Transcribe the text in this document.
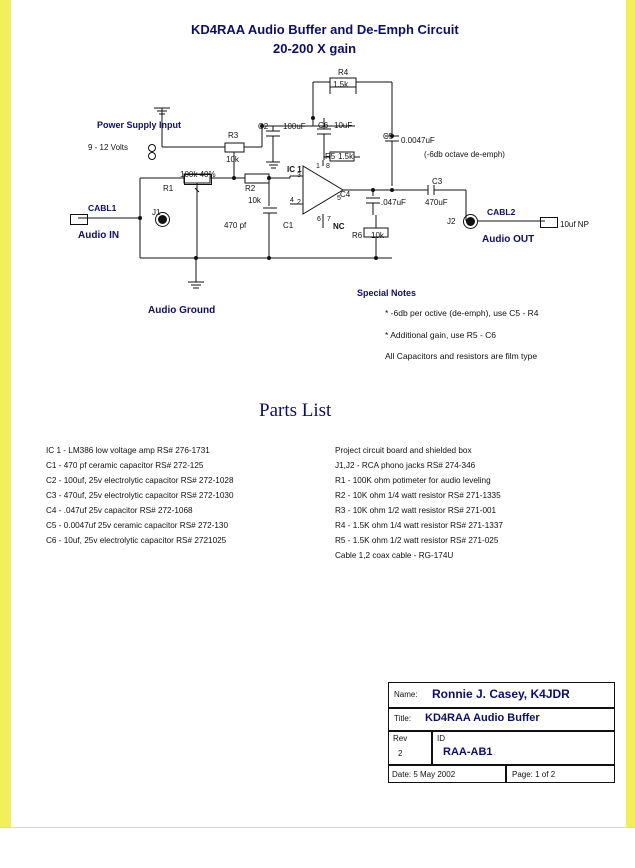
KD4RAA Audio Buffer and De-Emph Circuit
20-200 X gain
Power Supply Input
9 - 12 Volts
R4
1.5k
R3
10k
C2 100uF C6 10uF
R5 1.5k
C5 0.0047uF
(-6db octave de-emph)
IC 1
3
2
8
1
5
6 7
4
NC
R1
100k 40%
R2
10k
470 pf	C1
C4
.047uF
R6 10k
C3
470uF
CABL1	CABL2
J1
J2
Audio IN	Audio OUT
10uf NP
Audio Ground
Special Notes
* -6db per octive (de-emph), use C5 - R4
* Additional gain, use R5 - C6
All Capacitors and resistors are film type
Parts List
IC 1 - LM386 low voltage amp RS# 276-1731
C1 - 470 pf ceramic capacitor RS# 272-125
C2 - 100uf, 25v electrolytic capacitor RS# 272-1028
C3 - 470uf, 25v electrolytic capacitor RS# 272-1030
C4 - .047uf 25v capacitor RS# 272-1068
C5 - 0.0047uf 25v ceramic capacitor RS# 272-130
C6 - 10uf, 25v electrolytic capacitor RS# 2721025
Project circuit board and shielded box
J1,J2 - RCA phono jacks RS# 274-346
R1 - 100K ohm potimeter for audio leveling
R2 - 10K ohm 1/4 watt resistor RS# 271-1335
R3 - 10K ohm 1/2 watt resistor RS# 271-001
R4 - 1.5K ohm 1/4 watt resistor RS# 271-1337
R5 - 1.5K ohm 1/2 watt resistor RS# 271-025
Cable 1,2 coax cable - RG-174U
Name: Ronnie J. Casey, K4JDR
Title: KD4RAA Audio Buffer
Rev
2
ID
RAA-AB1
Date: 5 May 2002	Page: 1 of 2
